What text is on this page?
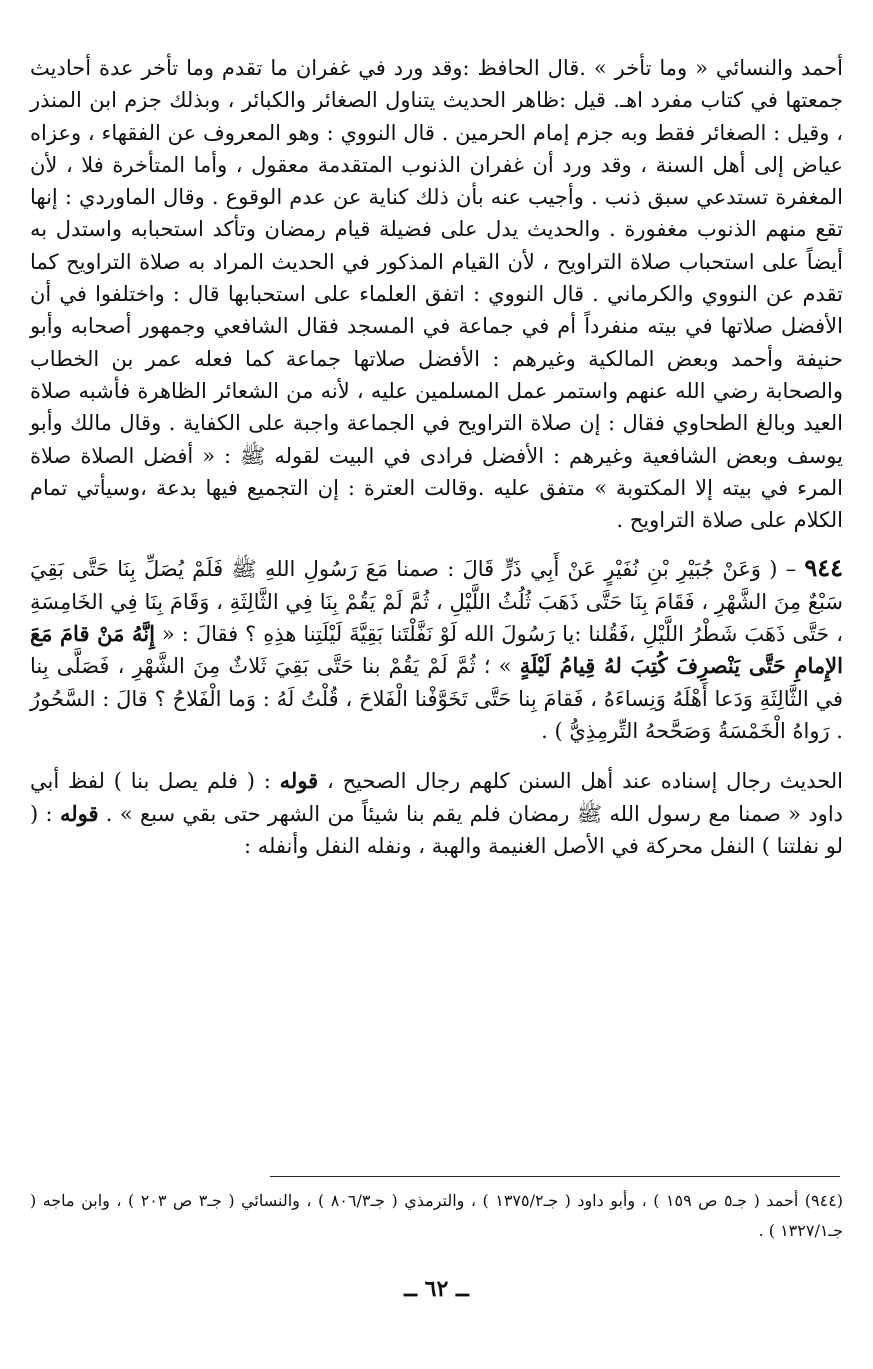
أحمد والنسائي « وما تأخر » .قال الحافظ :وقد ورد في غفران ما تقدم وما تأخر عدة أحاديث جمعتها في كتاب مفرد اهـ. قيل :ظاهر الحديث يتناول الصغائر والكبائر ، وبذلك جزم ابن المنذر ، وقيل : الصغائر فقط وبه جزم إمام الحرمين . قال النووي : وهو المعروف عن الفقهاء ، وعزاه عياض إلى أهل السنة ، وقد ورد أن غفران الذنوب المتقدمة معقول ، وأما المتأخرة فلا ، لأن المغفرة تستدعي سبق ذنب . وأجيب عنه بأن ذلك كناية عن عدم الوقوع . وقال الماوردي : إنها تقع منهم الذنوب مغفورة . والحديث يدل على فضيلة قيام رمضان وتأكد استحبابه واستدل به أيضاً على استحباب صلاة التراويح ، لأن القيام المذكور في الحديث المراد به صلاة التراويح كما تقدم عن النووي والكرماني . قال النووي : اتفق العلماء على استحبابها قال : واختلفوا في أن الأفضل صلاتها في بيته منفرداً أم في جماعة في المسجد فقال الشافعي وجمهور أصحابه وأبو حنيفة وأحمد وبعض المالكية وغيرهم : الأفضل صلاتها جماعة كما فعله عمر بن الخطاب والصحابة رضي الله عنهم واستمر عمل المسلمين عليه ، لأنه من الشعائر الظاهرة فأشبه صلاة العيد وبالغ الطحاوي فقال : إن صلاة التراويح في الجماعة واجبة على الكفاية . وقال مالك وأبو يوسف وبعض الشافعية وغيرهم : الأفضل فرادى في البيت لقوله ﷺ : « أفضل الصلاة صلاة المرء في بيته إلا المكتوبة » متفق عليه .وقالت العترة : إن التجميع فيها بدعة ،وسيأتي تمام الكلام على صلاة التراويح .

٩٤٤ – ( وَعَنْ جُبَيْرِ بْنِ نُفَيْرٍ عَنْ أَبِي ذَرٍّ قَالَ : صمنا مَعَ رَسُولِ اللهِ ﷺ فَلَمْ يُصَلِّ بِنَا حَتَّى بَقِيَ سَبْعٌ مِنَ الشَّهْرِ ، فَقَامَ بِنَا حَتَّى ذَهَبَ ثُلُثُ اللَّيْلِ ، ثُمَّ لَمْ يَقُمْ بِنَا فِي الثَّالِثَةِ ، وَقَامَ بِنَا فِي الخَامِسَةِ ، حَتَّى ذَهَبَ شَطْرُ اللَّيْلِ ،فَقُلنا :يا رَسُولَ الله لَوْ نَفَّلْتَنا بَقِيَّةَ لَيْلَتِنا هذِهِ ؟ فقالَ : « إِنَّهُ مَنْ قامَ مَعَ الإِمامِ حَتَّى يَنْصرِفَ كُتِبَ لهُ قِيامُ لَيْلَةٍ » ؛ ثُمَّ لَمْ يَقُمْ بنا حَتَّى بَقِيَ ثَلاثٌ مِنَ الشَّهْرِ ، فَصَلَّى بِنا في الثَّالِثَةِ وَدَعا أَهْلَهُ وَنِساءَهُ ، فَقامَ بِنا حَتَّى تَخَوَّفْنا الْفَلاحَ ، قُلْتُ لَهُ : وَما الْفَلاحُ ؟ قالَ : السَّحُورُ . رَواهُ الْخَمْسَةُ وَصَحَّحهُ التِّرمِذِيُّ ) .

الحديث رجال إسناده عند أهل السنن كلهم رجال الصحيح ، قوله : ( فلم يصل بنا ) لفظ أبي داود « صمنا مع رسول الله ﷺ رمضان فلم يقم بنا شيئاً من الشهر حتى بقي سبع » . قوله : ( لو نفلتنا ) النفل محركة في الأصل الغنيمة والهبة ، ونفله النفل وأنفله :

(٩٤٤) أحمد ( جـ٥ ص ١٥٩ ) ، وأبو داود ( جـ١٣٧٥/٢ ) ، والترمذي ( جـ٨٠٦/٣ ) ، والنسائي ( جـ٣ ص ٢٠٣ ) ، وابن ماجه ( جـ١٣٢٧/١ ) .
ــ ٦٢ ــ
